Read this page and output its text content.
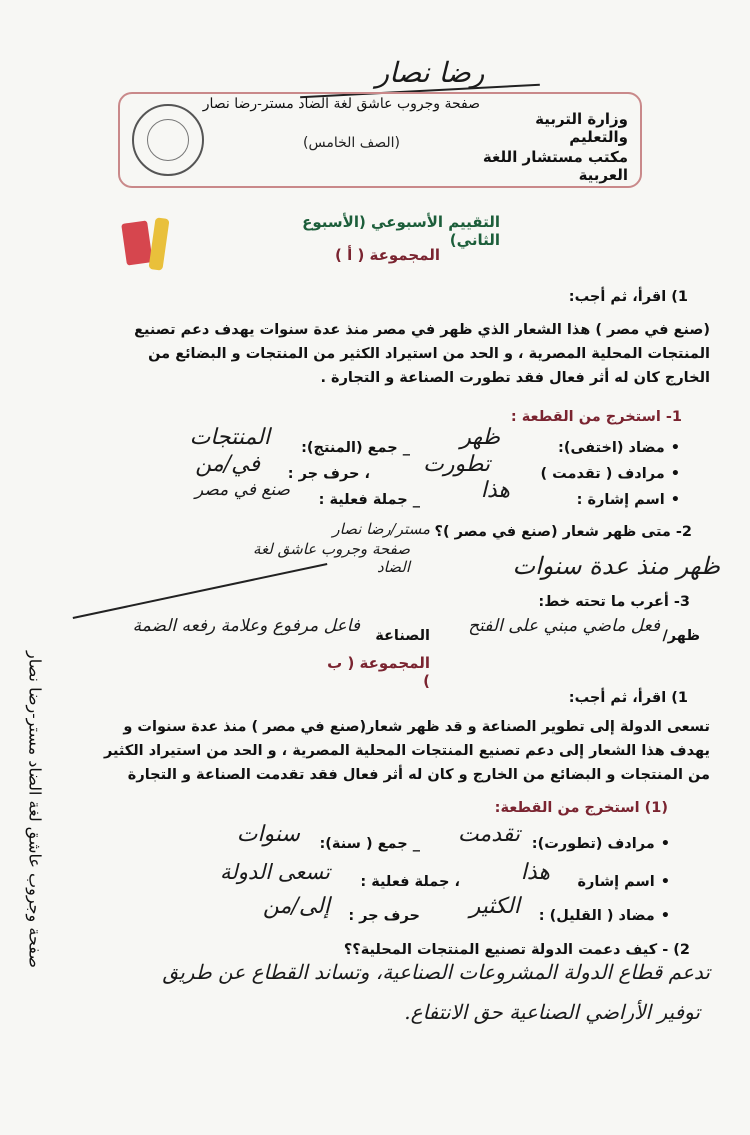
رضا نصار
صفحة وجروب عاشق لغة الضاد مستر-رضا نصار
وزارة التربية والتعليم
(الصف الخامس)
مكتب مستشار اللغة العربية
التقييم الأسبوعي (الأسبوع الثاني)
المجموعة ( أ )
1) اقرأ، ثم أجب:
(صنع في مصر ) هذا الشعار الذي ظهر في مصر منذ عدة سنوات يهدف دعم تصنيع
المنتجات المحلية المصرية ، و الحد من استيراد الكثير من المنتجات و البضائع من
الخارج كان له أثر فعال فقد تطورت الصناعة و التجارة .
1- استخرج من القطعة :
• مضاد (اختفى):
ظهر
_ جمع (المنتج):
المنتجات
• مرادف ( تقدمت )
تطورت
، حرف جر :
في/من
• اسم إشارة :
هذا
_ جملة فعلية :
صنع في مصر
2- متى ظهر شعار (صنع في مصر )؟
مستر/رضا نصار
صفحة وجروب عاشق لغة الضاد	ظهر منذ عدة سنوات
3- أعرب ما تحته خط:
ظهر/
فعل ماضي مبني على الفتح
الصناعة
فاعل مرفوع وعلامة رفعه الضمة
المجموعة ( ب )
1) اقرأ، ثم أجب:
تسعى الدولة إلى تطوير الصناعة و قد ظهر شعار(صنع في مصر ) منذ عدة سنوات و
يهدف هذا الشعار إلى دعم تصنيع المنتجات المحلية المصرية ، و الحد من استيراد الكثير
من المنتجات و البضائع من الخارج و كان له أثر فعال فقد تقدمت الصناعة و التجارة
(1) استخرج من القطعة:
• مرادف (تطورت):
تقدمت
_ جمع ( سنة):
سنوات
• اسم إشارة
هذا
، جملة فعلية :
تسعى الدولة
• مضاد ( القليل) :
الكثير
حرف جر :
إلى/من
2) - كيف دعمت الدولة تصنيع المنتجات المحلية؟؟
تدعم قطاع الدولة المشروعات الصناعية، وتساند القطاع عن طريق
توفير الأراضي الصناعية حق الانتفاع.
صفحة وجروب عاشق لغة الضاد مستر-رضا نصار
